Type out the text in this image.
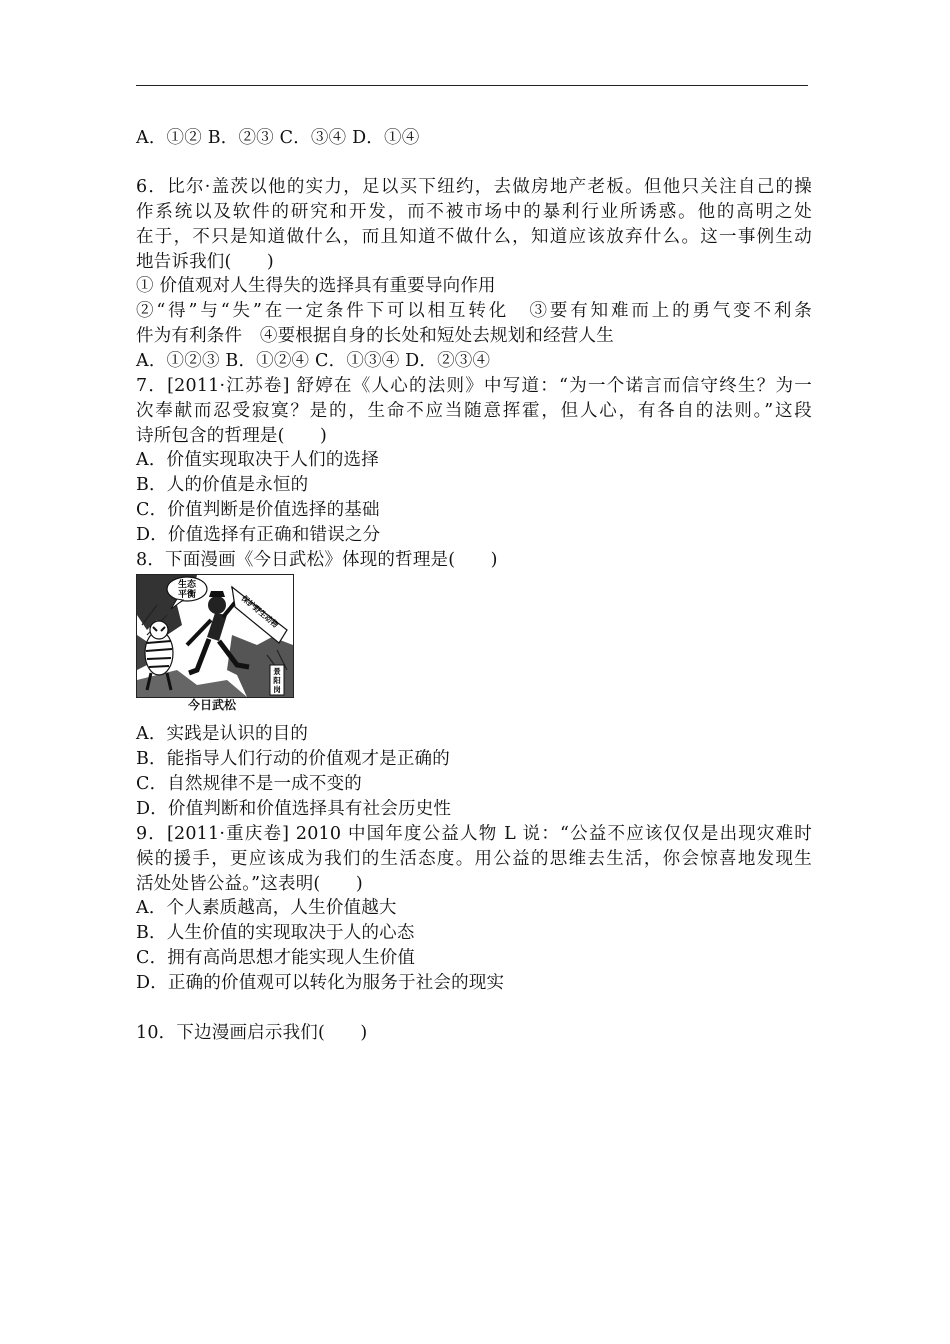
A．①② B．②③ C．③④ D．①④
6．比尔·盖茨以他的实力，足以买下纽约，去做房地产老板。但他只关注自己的操
作系统以及软件的研究和开发，而不被市场中的暴利行业所诱惑。他的高明之处
在于，不只是知道做什么，而且知道不做什么，知道应该放弃什么。这一事例生动
地告诉我们(　　)
① 价值观对人生得失的选择具有重要导向作用
②“得”与“失”在一定条件下可以相互转化　③要有知难而上的勇气变不利条
件为有利条件　④要根据自身的长处和短处去规划和经营人生
A．①②③ B．①②④ C．①③④ D．②③④
7．[2011·江苏卷] 舒婷在《人心的法则》中写道：“为一个诺言而信守终生？为一
次奉献而忍受寂寞？是的，生命不应当随意挥霍，但人心，有各自的法则。”这段
诗所包含的哲理是(　　)
A．价值实现取决于人们的选择
B．人的价值是永恒的
C．价值判断是价值选择的基础
D．价值选择有正确和错误之分
8．下面漫画《今日武松》体现的哲理是(　　)
生态
平衡	保护野生动物
景
阳
岗
今日武松
A．实践是认识的目的
B．能指导人们行动的价值观才是正确的
C．自然规律不是一成不变的
D．价值判断和价值选择具有社会历史性
9．[2011·重庆卷] 2010 中国年度公益人物 L 说：“公益不应该仅仅是出现灾难时
候的援手，更应该成为我们的生活态度。用公益的思维去生活，你会惊喜地发现生
活处处皆公益。”这表明(　　)
A．个人素质越高，人生价值越大
B．人生价值的实现取决于人的心态
C．拥有高尚思想才能实现人生价值
D．正确的价值观可以转化为服务于社会的现实
10．下边漫画启示我们(　　)
